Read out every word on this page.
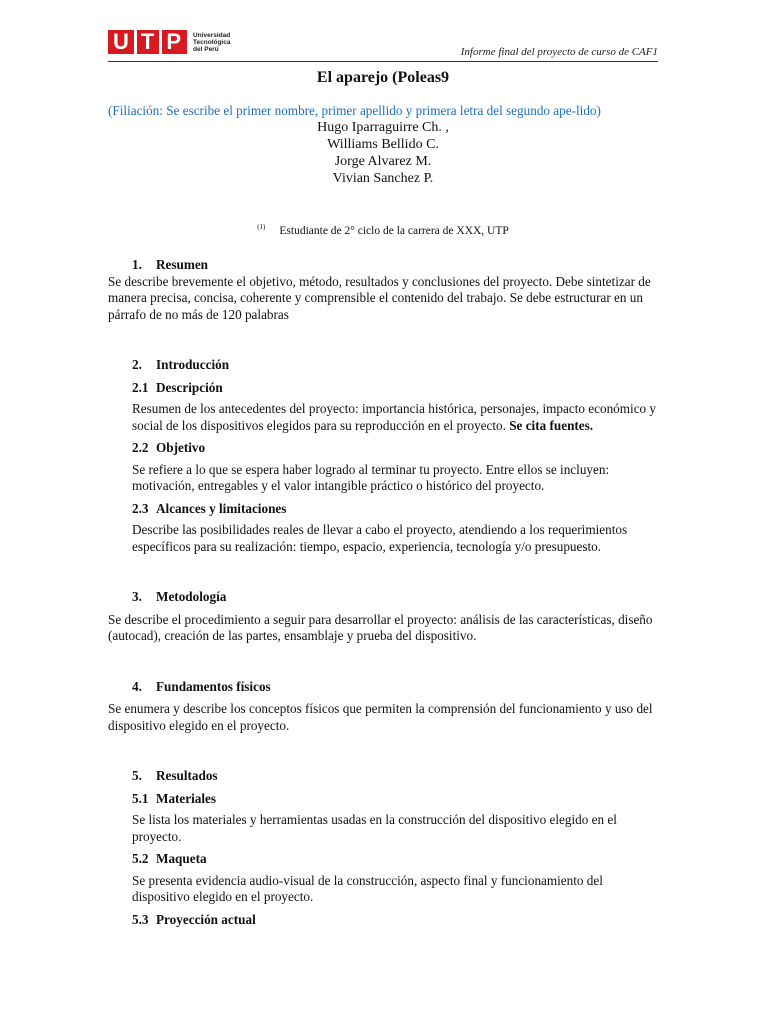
U T P Universidad
Tecnológica
del Perú	Informe final del proyecto de curso de CAF1
El aparejo (Poleas9
(Filiación: Se escribe el primer nombre, primer apellido y primera letra del segundo ape-lido)
Hugo Iparraguirre Ch. ,
Williams Bellido C.
Jorge Alvarez M.
Vivian Sanchez P.
$^{(1)}$ Estudiante de 2° ciclo de la carrera de XXX, UTP
1. Resumen

Se describe brevemente el objetivo, método, resultados y conclusiones del proyecto. Debe sintetizar de manera precisa, concisa, coherente y comprensible el contenido del trabajo. Se debe estructurar en un párrafo de no más de 120 palabras

2. Introducción
2.1 Descripción

Resumen de los antecedentes del proyecto: importancia histórica, personajes, impacto económico y social de los dispositivos elegidos para su reproducción en el proyecto. Se cita fuentes.

2.2 Objetivo

Se refiere a lo que se espera haber logrado al terminar tu proyecto. Entre ellos se incluyen: motivación, entregables y el valor intangible práctico o histórico del proyecto.

2.3 Alcances y limitaciones

Describe las posibilidades reales de llevar a cabo el proyecto, atendiendo a los requerimientos específicos para su realización: tiempo, espacio, experiencia, tecnología y/o presupuesto.

3. Metodología

Se describe el procedimiento a seguir para desarrollar el proyecto: análisis de las características, diseño (autocad), creación de las partes, ensamblaje y prueba del dispositivo.

4. Fundamentos físicos

Se enumera y describe los conceptos físicos que permiten la comprensión del funcionamiento y uso del dispositivo elegido en el proyecto.

5. Resultados
5.1 Materiales

Se lista los materiales y herramientas usadas en la construcción del dispositivo elegido en el proyecto.

5.2 Maqueta

Se presenta evidencia audio-visual de la construcción, aspecto final y funcionamiento del dispositivo elegido en el proyecto.

5.3 Proyección actual
